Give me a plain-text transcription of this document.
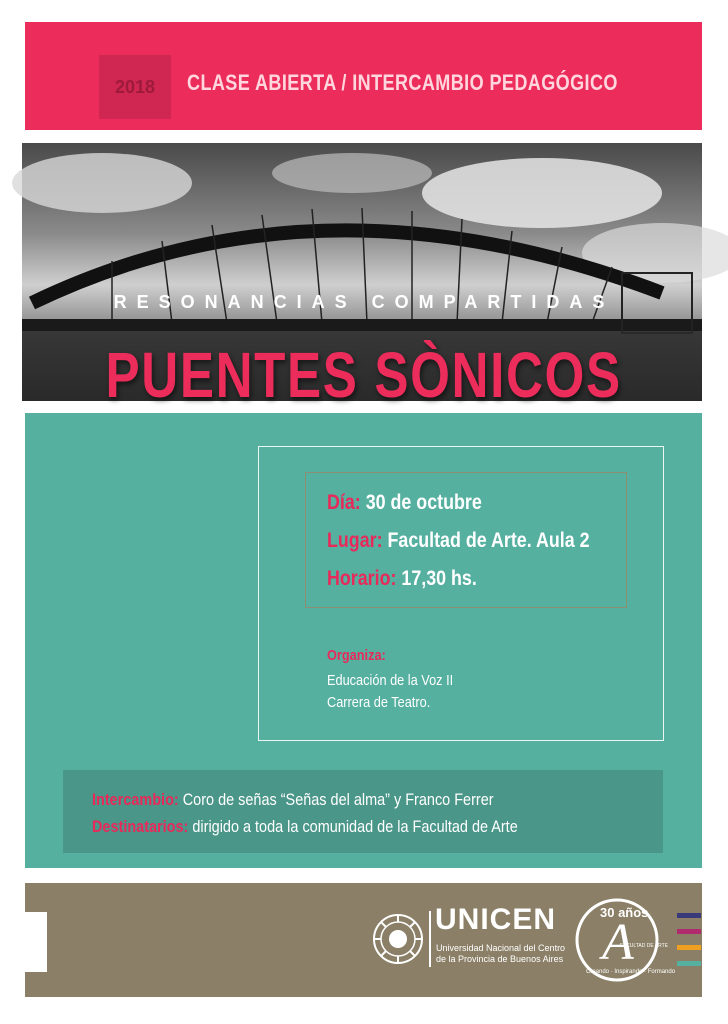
2018	CLASE ABIERTA / INTERCAMBIO PEDAGÓGICO
RESONANCIAS COMPARTIDAS
PUENTES SÒNICOS
Día: 30 de octubre
Lugar: Facultad de Arte. Aula 2
Horario: 17,30 hs.
Organiza:
Educación de la Voz II
Carrera de Teatro.
Intercambio: Coro de señas “Señas del alma” y Franco Ferrer
Destinatarios: dirigido a toda la comunidad de la Facultad de Arte
UNICEN
Universidad Nacional del Centro
de la Provincia de Buenos Aires
30 años
A
FACULTAD DE ARTE
Creando · Inspirando · Formando
